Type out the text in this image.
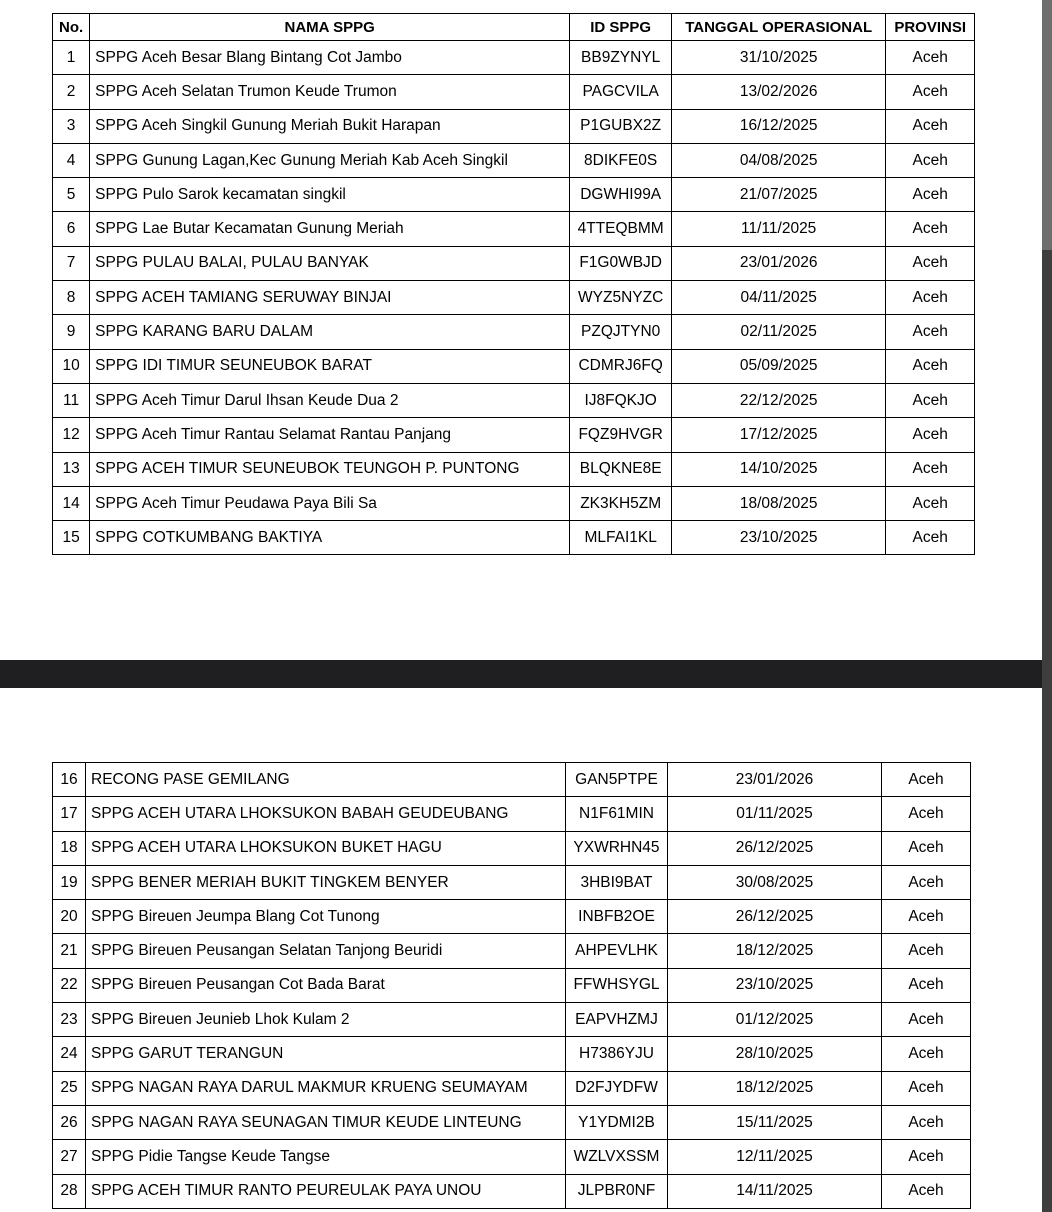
No.	NAMA SPPG	ID SPPG	TANGGAL OPERASIONAL	PROVINSI
1	SPPG Aceh Besar Blang Bintang Cot Jambo	BB9ZYNYL	31/10/2025	Aceh
2	SPPG Aceh Selatan Trumon Keude Trumon	PAGCVILA	13/02/2026	Aceh
3	SPPG Aceh Singkil Gunung Meriah Bukit Harapan	P1GUBX2Z	16/12/2025	Aceh
4	SPPG Gunung Lagan,Kec Gunung Meriah Kab Aceh Singkil	8DIKFE0S	04/08/2025	Aceh
5	SPPG Pulo Sarok kecamatan singkil	DGWHI99A	21/07/2025	Aceh
6	SPPG Lae Butar Kecamatan Gunung Meriah	4TTEQBMM	11/11/2025	Aceh
7	SPPG PULAU BALAI, PULAU BANYAK	F1G0WBJD	23/01/2026	Aceh
8	SPPG ACEH TAMIANG SERUWAY BINJAI	WYZ5NYZC	04/11/2025	Aceh
9	SPPG KARANG BARU DALAM	PZQJTYN0	02/11/2025	Aceh
10	SPPG IDI TIMUR SEUNEUBOK BARAT	CDMRJ6FQ	05/09/2025	Aceh
11	SPPG Aceh Timur Darul Ihsan Keude Dua 2	IJ8FQKJO	22/12/2025	Aceh
12	SPPG Aceh Timur Rantau Selamat Rantau Panjang	FQZ9HVGR	17/12/2025	Aceh
13	SPPG ACEH TIMUR SEUNEUBOK TEUNGOH P. PUNTONG	BLQKNE8E	14/10/2025	Aceh
14	SPPG Aceh Timur Peudawa Paya Bili Sa	ZK3KH5ZM	18/08/2025	Aceh
15	SPPG COTKUMBANG BAKTIYA	MLFAI1KL	23/10/2025	Aceh
16	RECONG PASE GEMILANG	GAN5PTPE	23/01/2026	Aceh
17	SPPG ACEH UTARA LHOKSUKON BABAH GEUDEUBANG	N1F61MIN	01/11/2025	Aceh
18	SPPG ACEH UTARA LHOKSUKON BUKET HAGU	YXWRHN45	26/12/2025	Aceh
19	SPPG BENER MERIAH BUKIT TINGKEM BENYER	3HBI9BAT	30/08/2025	Aceh
20	SPPG Bireuen Jeumpa Blang Cot Tunong	INBFB2OE	26/12/2025	Aceh
21	SPPG Bireuen Peusangan Selatan Tanjong Beuridi	AHPEVLHK	18/12/2025	Aceh
22	SPPG Bireuen Peusangan Cot Bada Barat	FFWHSYGL	23/10/2025	Aceh
23	SPPG Bireuen Jeunieb Lhok Kulam 2	EAPVHZMJ	01/12/2025	Aceh
24	SPPG GARUT TERANGUN	H7386YJU	28/10/2025	Aceh
25	SPPG NAGAN RAYA DARUL MAKMUR KRUENG SEUMAYAM	D2FJYDFW	18/12/2025	Aceh
26	SPPG NAGAN RAYA SEUNAGAN TIMUR KEUDE LINTEUNG	Y1YDMI2B	15/11/2025	Aceh
27	SPPG Pidie Tangse Keude Tangse	WZLVXSSM	12/11/2025	Aceh
28	SPPG ACEH TIMUR RANTO PEUREULAK PAYA UNOU	JLPBR0NF	14/11/2025	Aceh
